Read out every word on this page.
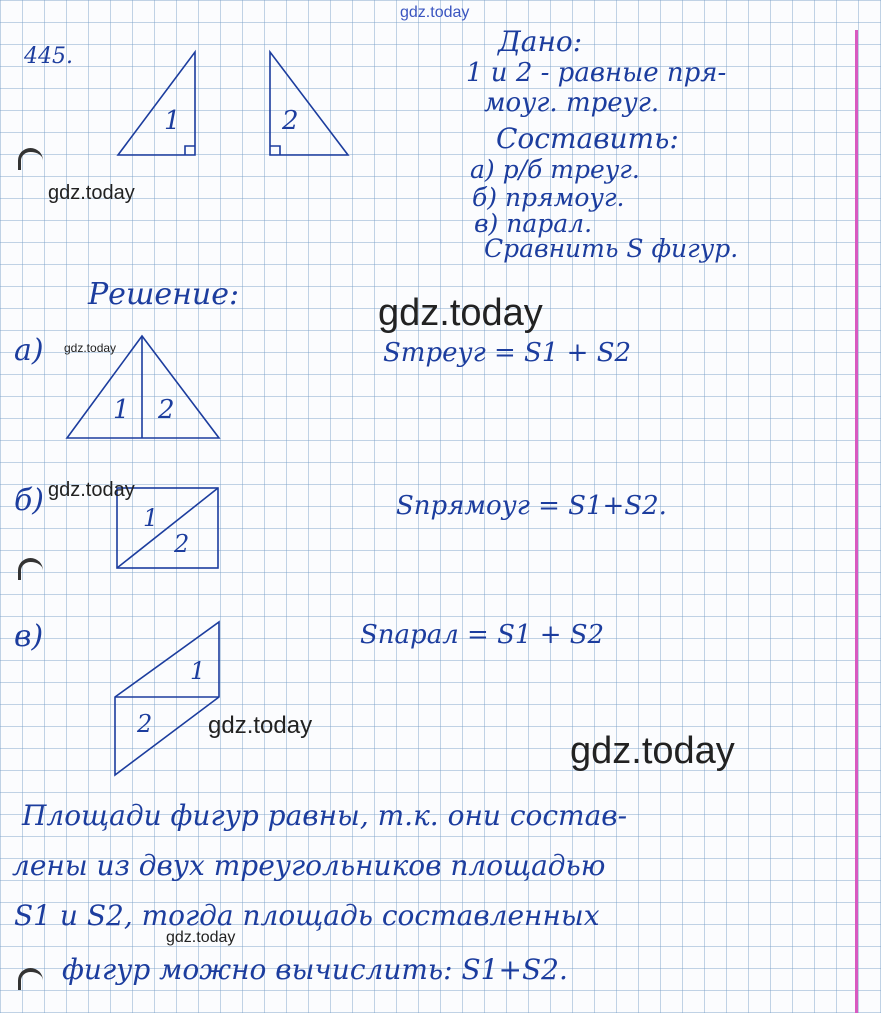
gdz.today
445.
1	2
Дано:
1 и 2 - равные пря-
моуг. треуг.
Составить:
а) р/б треуг.
б) прямоуг.
в) парал.
Сравнить S фигур.
Решение:
а)
1 2
Sтреуг = S1 + S2
б)	1
2
Sпрямоуг = S1+S2.
в)
1
2
Sпарал = S1 + S2
Площади фигур равны, т.к. они состав-
лены из двух треугольников площадью
S1 и S2, тогда площадь составленных
фигур можно вычислить: S1+S2.
gdz.today
gdz.today
gdz.today
gdz.today
gdz.today
gdz.today
gdz.today
